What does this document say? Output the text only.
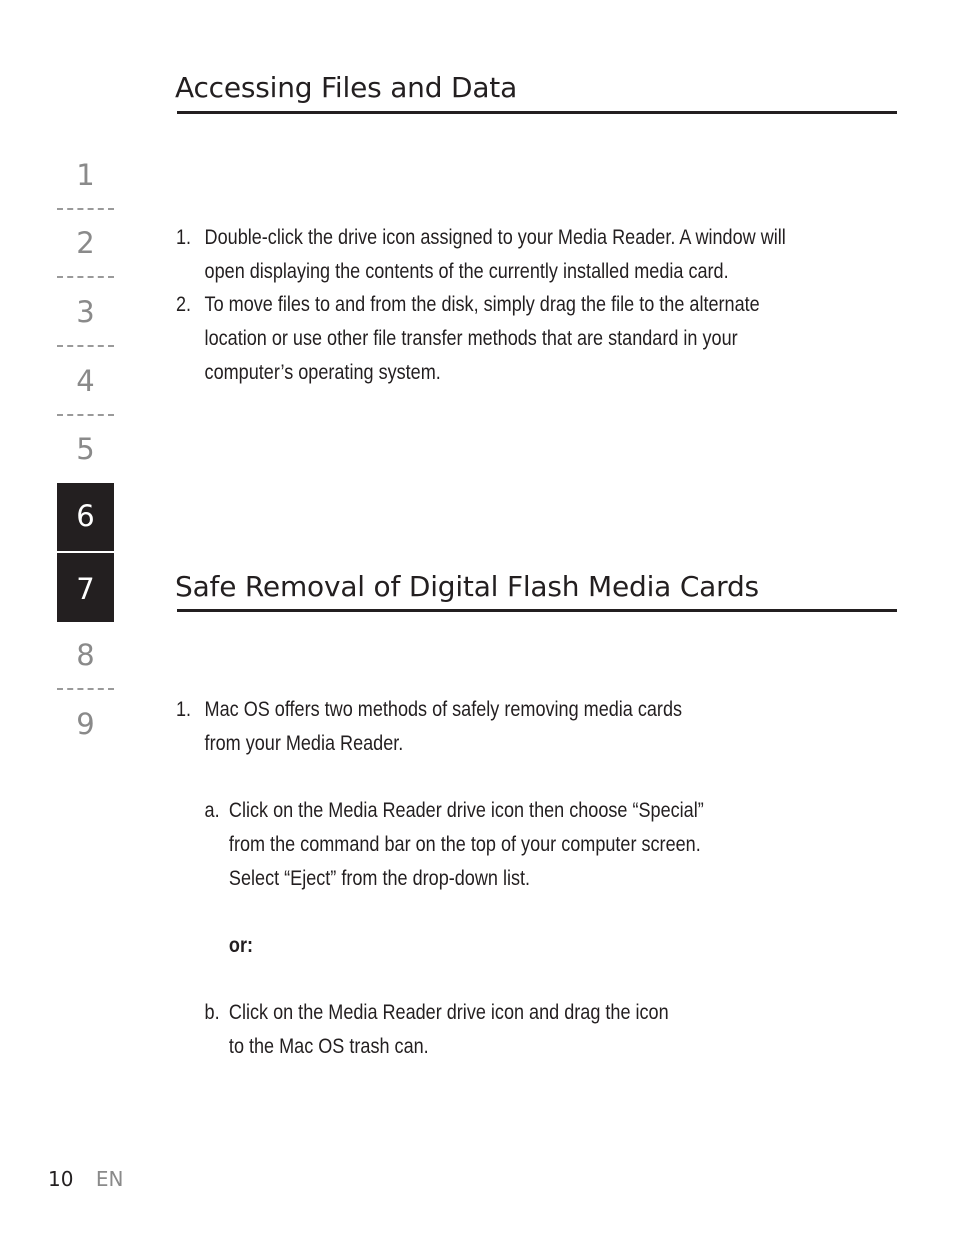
1
2
3
4
5
6
7
8
9
Accessing Files and Data
1. Double-click the drive icon assigned to your Media Reader. A window will
open displaying the contents of the currently installed media card.
2. To move files to and from the disk, simply drag the file to the alternate
location or use other file transfer methods that are standard in your
computer’s operating system.
Safe Removal of Digital Flash Media Cards
1. Mac OS offers two methods of safely removing media cards
from your Media Reader.
a. Click on the Media Reader drive icon then choose “Special”
from the command bar on the top of your computer screen.
Select “Eject” from the drop-down list.
or:
b. Click on the Media Reader drive icon and drag the icon
to the Mac OS trash can.
10 EN
